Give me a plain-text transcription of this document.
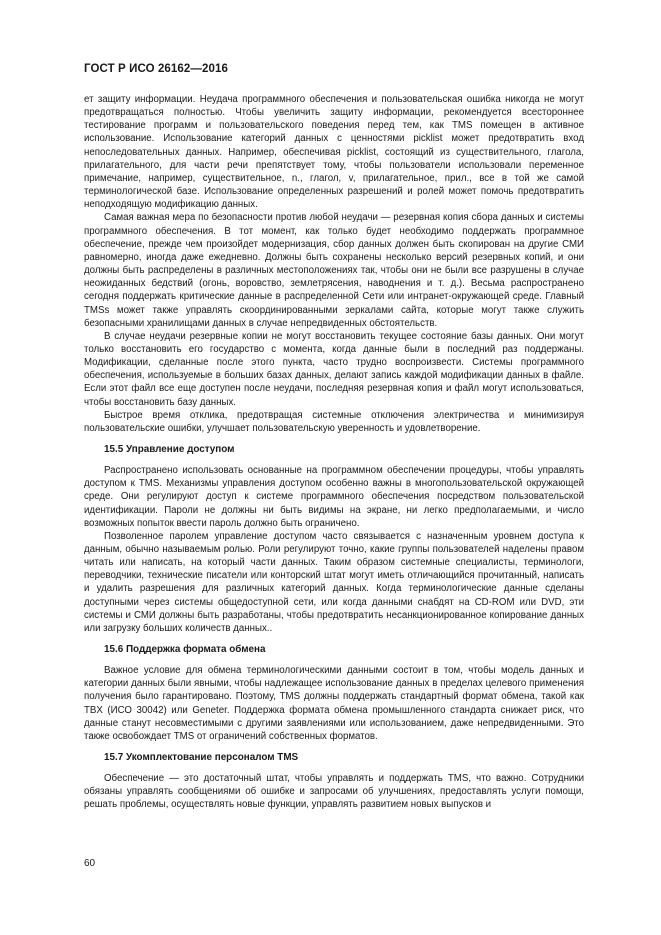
ГОСТ Р ИСО 26162—2016

ет защиту информации. Неудача программного обеспечения и пользовательская ошибка никогда не могут предотвращаться полностью. Чтобы увеличить защиту информации, рекомендуется всестороннее тестирование программ и пользовательского поведения перед тем, как TMS помещен в активное использование. Использование категорий данных с ценностями picklist может предотвратить вход непоследовательных данных. Например, обеспечивая picklist, состоящий из существительного, глагола, прилагательного, для части речи препятствует тому, чтобы пользователи использовали переменное примечание, например, существительное, n., глагол, v, прилагательное, прил., все в той же самой терминологической базе. Использование определенных разрешений и ролей может помочь предотвратить неподходящую модификацию данных.

Самая важная мера по безопасности против любой неудачи — резервная копия сбора данных и системы программного обеспечения. В тот момент, как только будет необходимо поддержать программное обеспечение, прежде чем произойдет модернизация, сбор данных должен быть скопирован на другие СМИ равномерно, иногда даже ежедневно. Должны быть сохранены несколько версий резервных копий, и они должны быть распределены в различных местоположениях так, чтобы они не были все разрушены в случае неожиданных бедствий (огонь, воровство, землетрясения, наводнения и т. д.). Весьма распространено сегодня поддержать критические данные в распределенной Сети или интранет-окружающей среде. Главный TMSs может также управлять скоординированными зеркалами сайта, которые могут также служить безопасными хранилищами данных в случае непредвиденных обстоятельств.

В случае неудачи резервные копии не могут восстановить текущее состояние базы данных. Они могут только восстановить его государство с момента, когда данные были в последний раз поддержаны. Модификации, сделанные после этого пункта, часто трудно воспроизвести. Системы программного обеспечения, используемые в больших базах данных, делают запись каждой модификации данных в файле. Если этот файл все еще доступен после неудачи, последняя резервная копия и файл могут использоваться, чтобы восстановить базу данных.

Быстрое время отклика, предотвращая системные отключения электричества и минимизируя пользовательские ошибки, улучшает пользовательскую уверенность и удовлетворение.

15.5 Управление доступом

Распространено использовать основанные на программном обеспечении процедуры, чтобы управлять доступом к TMS. Механизмы управления доступом особенно важны в многопользовательской окружающей среде. Они регулируют доступ к системе программного обеспечения посредством пользовательской идентификации. Пароли не должны ни быть видимы на экране, ни легко предполагаемыми, и число возможных попыток ввести пароль должно быть ограничено.

Позволенное паролем управление доступом часто связывается с назначенным уровнем доступа к данным, обычно называемым ролью. Роли регулируют точно, какие группы пользователей наделены правом читать или написать, на который части данных. Таким образом системные специалисты, терминологи, переводчики, технические писатели или конторский штат могут иметь отличающийся прочитанный, написать и удалить разрешения для различных категорий данных. Когда терминологические данные сделаны доступными через системы общедоступной сети, или когда данными снабдят на CD-ROM или DVD, эти системы и СМИ должны быть разработаны, чтобы предотвратить несанкционированное копирование данных или загрузку больших количеств данных..

15.6 Поддержка формата обмена

Важное условие для обмена терминологическими данными состоит в том, чтобы модель данных и категории данных были явными, чтобы надлежащее использование данных в пределах целевого применения получения было гарантировано. Поэтому, TMS должны поддержать стандартный формат обмена, такой как TBX (ИСО 30042) или Geneter. Поддержка формата обмена промышленного стандарта снижает риск, что данные станут несовместимыми с другими заявлениями или использованием, даже непредвиденными. Это также освобождает TMS от ограничений собственных форматов.

15.7 Укомплектование персоналом TMS

Обеспечение — это достаточный штат, чтобы управлять и поддержать TMS, что важно. Сотрудники обязаны управлять сообщениями об ошибке и запросами об улучшениях, предоставлять услуги помощи, решать проблемы, осуществлять новые функции, управлять развитием новых выпусков и

60
